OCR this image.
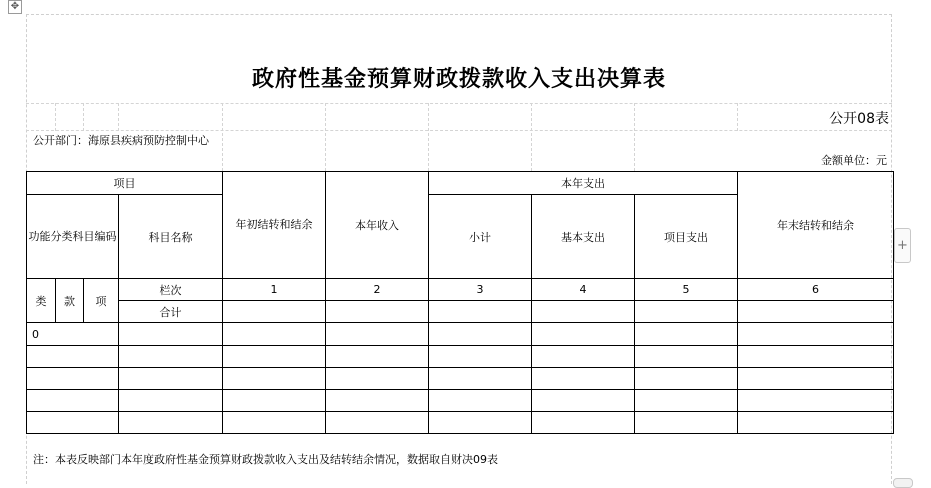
✥
政府性基金预算财政拨款收入支出决算表
公开08表
公开部门：海原县疾病预防控制中心
金额单位：元
项目				年初结转和结余	本年收入	本年支出			年末结转和结余
功能分类科目编码			科目名称			小计	基本支出	项目支出	

类	款	项	栏次	1	2	3	4	5	6
			合计						
0									

注：本表反映部门本年度政府性基金预算财政拨款收入支出及结转结余情况，数据取自财决09表
+
